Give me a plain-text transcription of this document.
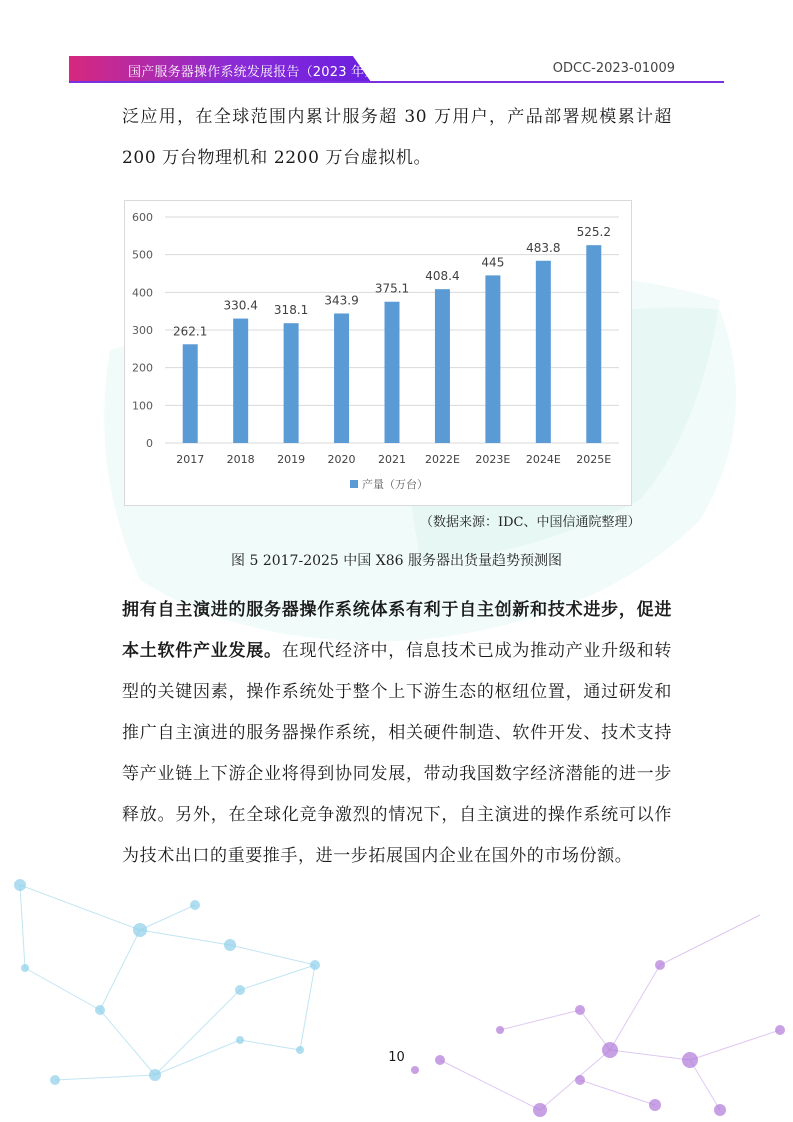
国产服务器操作系统发展报告（2023 年）	ODCC-2023-01009
泛应用，在全球范围内累计服务超 30 万用户，产品部署规模累计超 200 万台物理机和 2200 万台虚拟机。
0
100
200
300
400
500
600
262.1
330.4 318.1
343.9
375.1
408.4
445
483.8
525.2
2017 2018 2019 2020 2021 2022E 2023E 2024E 2025E
产量（万台）
（数据来源：IDC、中国信通院整理）
图 5 2017-2025 中国 X86 服务器出货量趋势预测图
拥有自主演进的服务器操作系统体系有利于自主创新和技术进步，促进本土软件产业发展。在现代经济中，信息技术已成为推动产业升级和转型的关键因素，操作系统处于整个上下游生态的枢纽位置，通过研发和推广自主演进的服务器操作系统，相关硬件制造、软件开发、技术支持等产业链上下游企业将得到协同发展，带动我国数字经济潜能的进一步释放。另外，在全球化竞争激烈的情况下，自主演进的操作系统可以作为技术出口的重要推手，进一步拓展国内企业在国外的市场份额。
10
